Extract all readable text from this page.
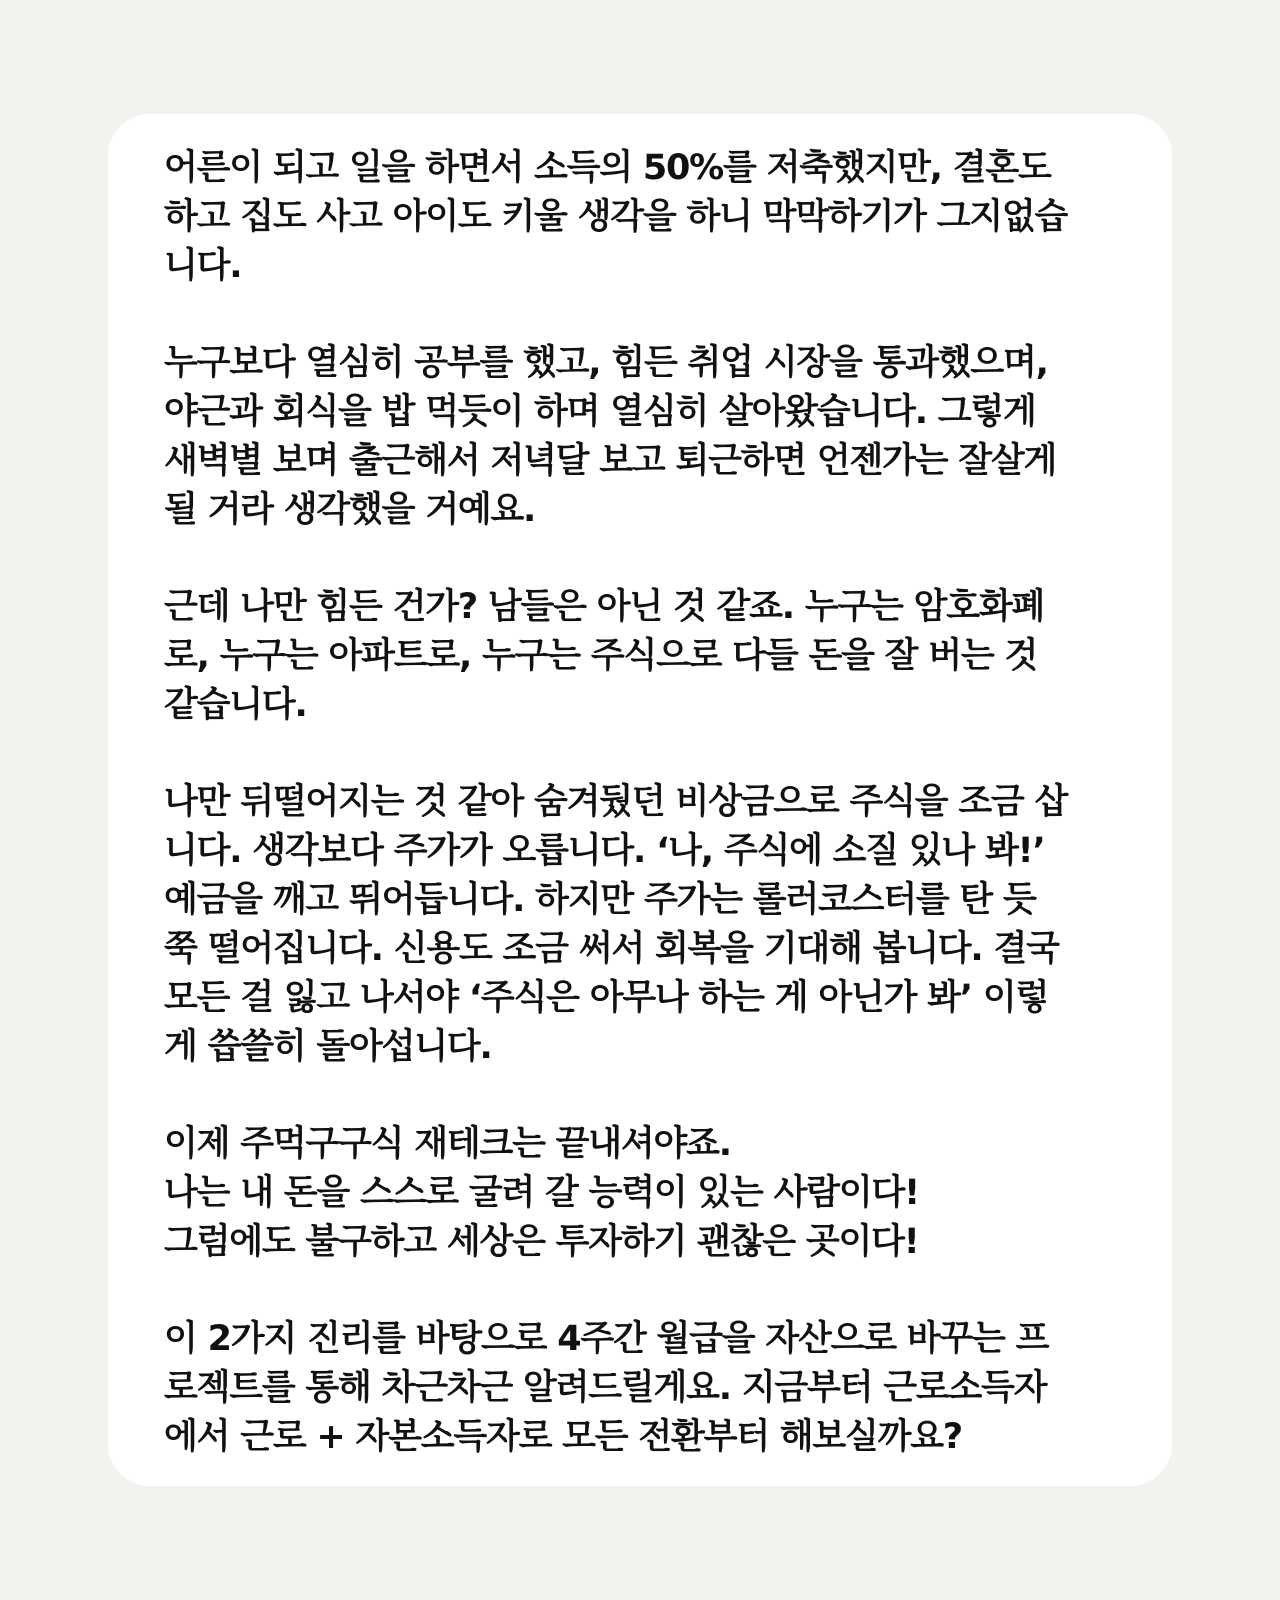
어른이 되고 일을 하면서 소득의 50%를 저축했지만, 결혼도
하고 집도 사고 아이도 키울 생각을 하니 막막하기가 그지없습
니다.

누구보다 열심히 공부를 했고, 힘든 취업 시장을 통과했으며,
야근과 회식을 밥 먹듯이 하며 열심히 살아왔습니다. 그렇게
새벽별 보며 출근해서 저녁달 보고 퇴근하면 언젠가는 잘살게
될 거라 생각했을 거예요.

근데 나만 힘든 건가? 남들은 아닌 것 같죠. 누구는 암호화폐
로, 누구는 아파트로, 누구는 주식으로 다들 돈을 잘 버는 것
같습니다.

나만 뒤떨어지는 것 같아 숨겨뒀던 비상금으로 주식을 조금 삽
니다. 생각보다 주가가 오릅니다. ‘나, 주식에 소질 있나 봐!’
예금을 깨고 뛰어듭니다. 하지만 주가는 롤러코스터를 탄 듯
쭉 떨어집니다. 신용도 조금 써서 회복을 기대해 봅니다. 결국
모든 걸 잃고 나서야 ‘주식은 아무나 하는 게 아닌가 봐’ 이렇
게 씁쓸히 돌아섭니다.

이제 주먹구구식 재테크는 끝내셔야죠.
나는 내 돈을 스스로 굴려 갈 능력이 있는 사람이다!
그럼에도 불구하고 세상은 투자하기 괜찮은 곳이다!

이 2가지 진리를 바탕으로 4주간 월급을 자산으로 바꾸는 프
로젝트를 통해 차근차근 알려드릴게요. 지금부터 근로소득자
에서 근로 + 자본소득자로 모든 전환부터 해보실까요?
